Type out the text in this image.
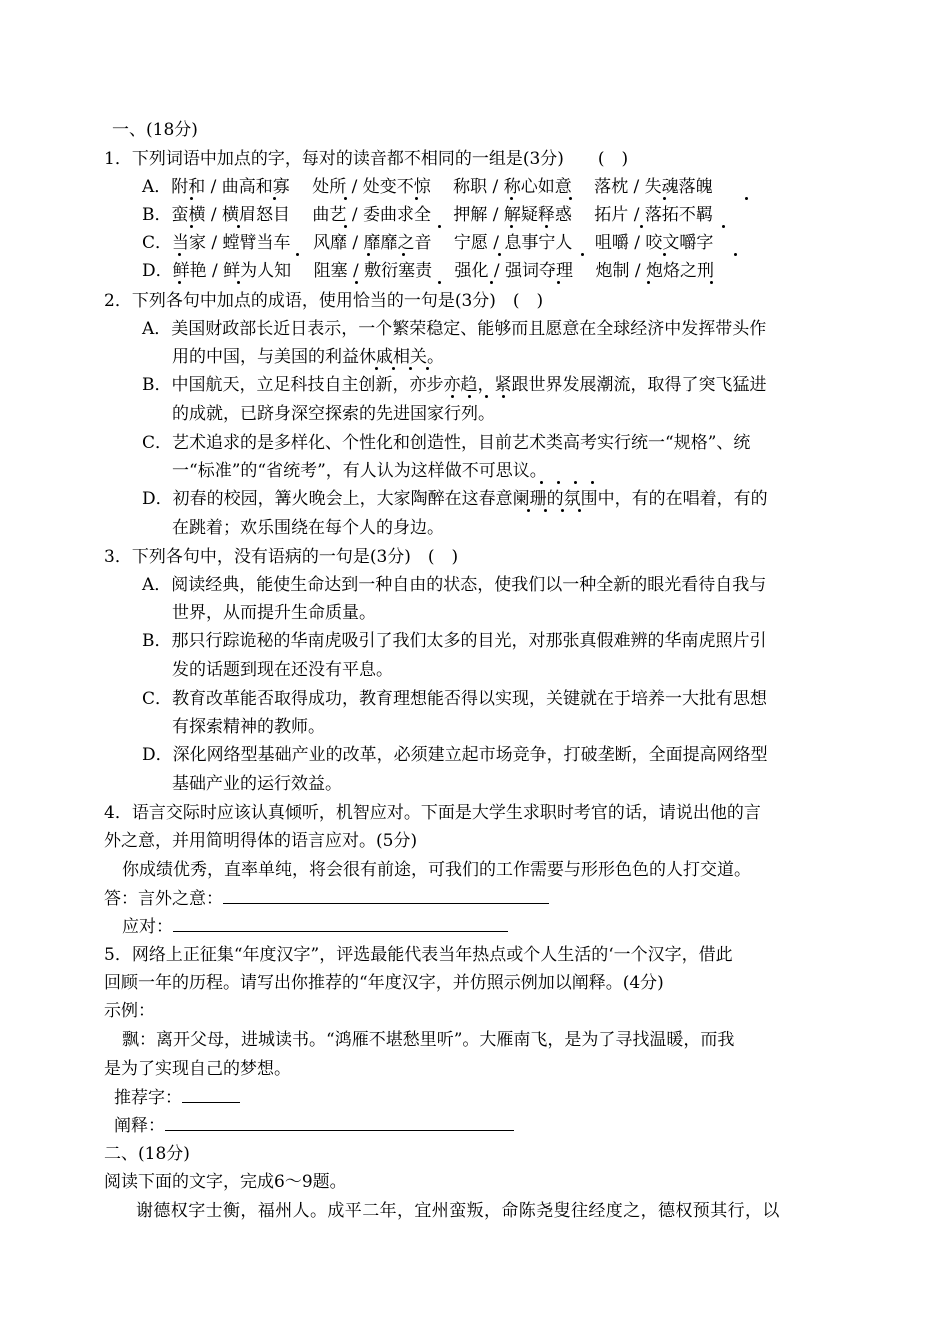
一、(18分)
1．下列词语中加点的字，每对的读音都不相同的一组是(3分)　　(　)
A．附和 / 曲高和寡　 处所 / 处变不惊　 称职 / 称心如意　 落枕 / 失魂落魄
B．蛮横 / 横眉怒目　 曲艺 / 委曲求全　 押解 / 解疑释惑　 拓片 / 落拓不羁
C．当家 / 螳臂当车　 风靡 / 靡靡之音　 宁愿 / 息事宁人　 咀嚼 / 咬文嚼字
D．鲜艳 / 鲜为人知　 阻塞 / 敷衍塞责　 强化 / 强词夺理　 炮制 / 炮烙之刑
2．下列各句中加点的成语，使用恰当的一句是(3分)　(　)
A．美国财政部长近日表示，一个繁荣稳定、能够而且愿意在全球经济中发挥带头作
用的中国，与美国的利益休戚相关。
B．中国航天，立足科技自主创新，亦步亦趋，紧跟世界发展潮流，取得了突飞猛进
的成就，已跻身深空探索的先进国家行列。
C．艺术追求的是多样化、个性化和创造性，目前艺术类高考实行统一“规格”、统
一“标准”的“省统考”，有人认为这样做不可思议。
D．初春的校园，篝火晚会上，大家陶醉在这春意阑珊的氛围中，有的在唱着，有的
在跳着；欢乐围绕在每个人的身边。
3．下列各句中，没有语病的一句是(3分)　(　)
A．阅读经典，能使生命达到一种自由的状态，使我们以一种全新的眼光看待自我与
世界，从而提升生命质量。
B．那只行踪诡秘的华南虎吸引了我们太多的目光，对那张真假难辨的华南虎照片引
发的话题到现在还没有平息。
C．教育改革能否取得成功，教育理想能否得以实现，关键就在于培养一大批有思想
有探索精神的教师。
D．深化网络型基础产业的改革，必须建立起市场竞争，打破垄断，全面提高网络型
基础产业的运行效益。
4．语言交际时应该认真倾听，机智应对。下面是大学生求职时考官的话，请说出他的言
外之意，并用简明得体的语言应对。(5分)
你成绩优秀，直率单纯，将会很有前途，可我们的工作需要与形形色色的人打交道。
答：言外之意：
应对：
5．网络上正征集“年度汉字”，评选最能代表当年热点或个人生活的‘一个汉字，借此
回顾一年的历程。请写出你推荐的“年度汉字，并仿照示例加以阐释。(4分)
示例：
飘：离开父母，进城读书。“鸿雁不堪愁里听”。大雁南飞，是为了寻找温暖，而我
是为了实现自己的梦想。
推荐字：
阐释：
二、(18分)
阅读下面的文字，完成6～9题。
谢德权字士衡，福州人。成平二年，宜州蛮叛，命陈尧叟往经度之，德权预其行，以
